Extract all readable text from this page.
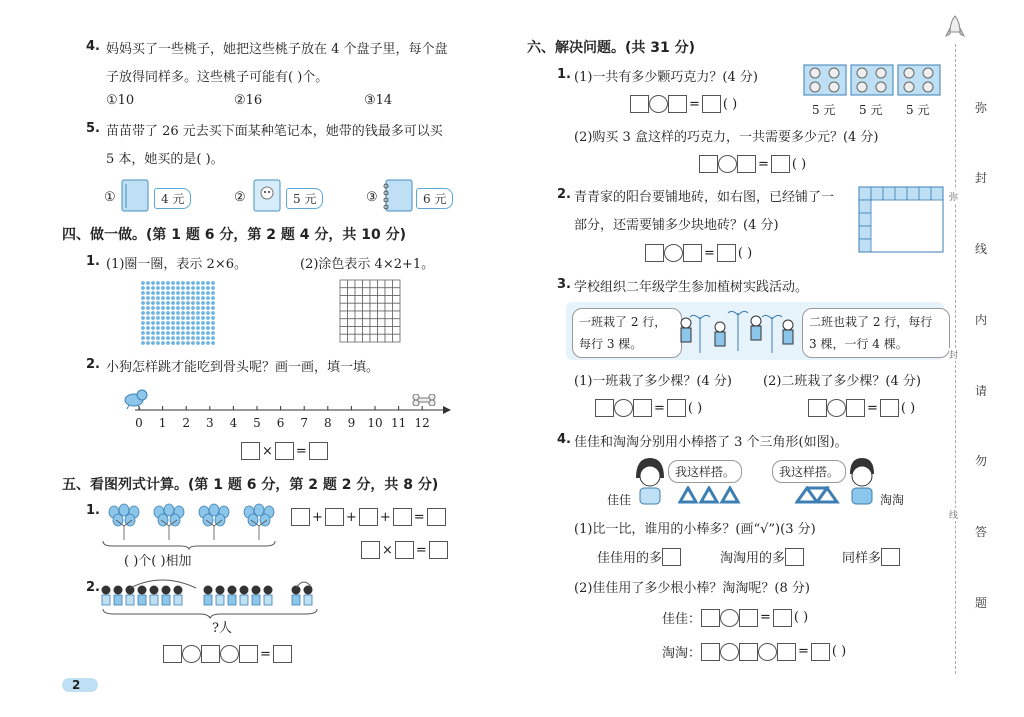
4. 妈妈买了一些桃子，她把这些桃子放在 4 个盘子里，每个盘
子放得同样多。这些桃子可能有( )个。
①10	②16	③14
5. 苗苗带了 26 元去买下面某种笔记本，她带的钱最多可以买
5 本，她买的是( )。
①	4 元	②	5 元	③	6 元
四、做一做。(第 1 题 6 分，第 2 题 4 分，共 10 分)
1. (1)圈一圈，表示 2×6。	(2)涂色表示 4×2+1。
2. 小狗怎样跳才能吃到骨头呢？画一画，填一填。
0 1 2 3 4 5 6 7 8 9 10 11 12
× =
五、看图列式计算。(第 1 题 6 分，第 2 题 2 分，共 8 分)
1.
( )个( )相加
+ + + =
× =
2.
?人
=
2
六、解决问题。(共 31 分)
1. (1)一共有多少颗巧克力？(4 分)
5 元 5 元 5 元
= ( )
(2)购买 3 盒这样的巧克力，一共需要多少元？(4 分)
= ( )
2. 青青家的阳台要铺地砖，如右图，已经铺了一
部分，还需要铺多少块地砖？(4 分)
= ( )
3. 学校组织二年级学生参加植树实践活动。
一班栽了 2 行，每行 3 棵。
二班也栽了 2 行，每行 3 棵，一行 4 棵。
(1)一班栽了多少棵？(4 分) (2)二班栽了多少棵？(4 分)
= ( )	= ( )
4. 佳佳和淘淘分别用小棒搭了 3 个三角形(如图)。
我这样搭。
佳佳
我这样搭。
淘淘
(1)比一比，谁用的小棒多？(画“√”)(3 分)
佳佳用的多	淘淘用的多	同样多
(2)佳佳用了多少根小棒？淘淘呢？(8 分)
佳佳：	= ( )
淘淘：	= ( )
弥
封
线
弥
封
线
内
请
勿
答
题
